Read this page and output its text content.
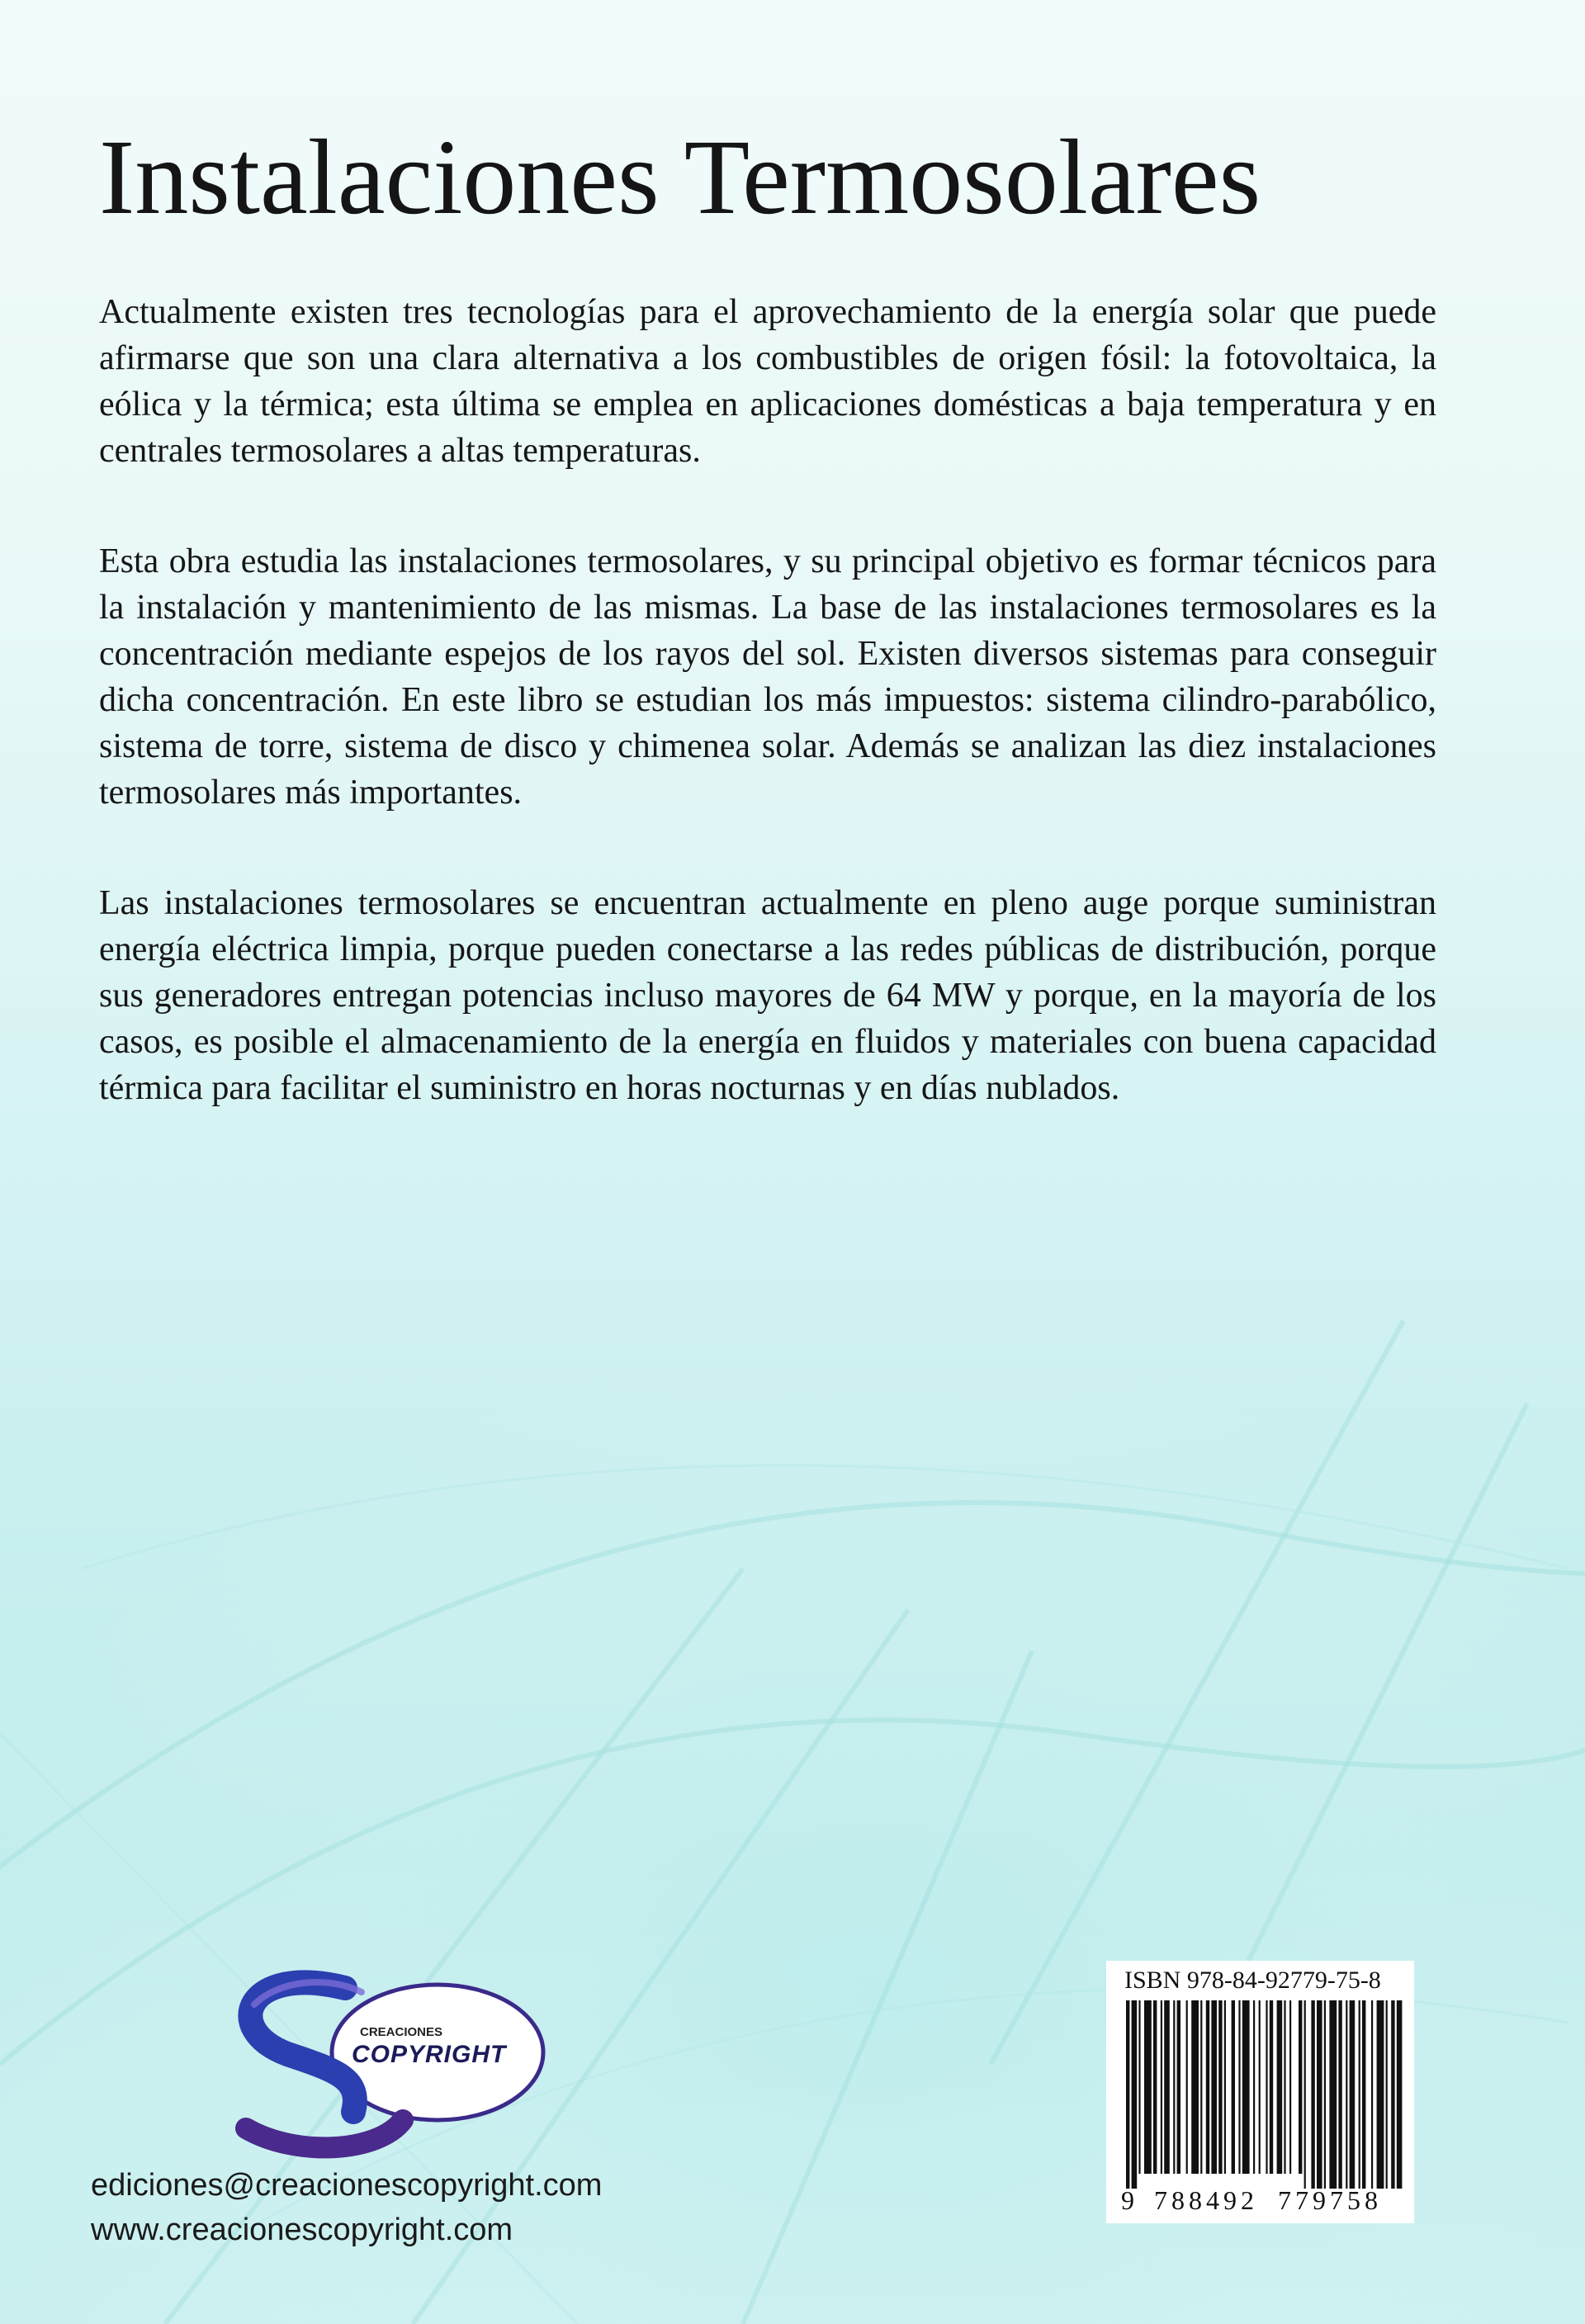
Instalaciones Termosolares

Actualmente existen tres tecnologías para el aprovechamiento de la energía solar que puede afirmarse que son una clara alternativa a los combustibles de origen fósil: la fotovoltaica, la eólica y la térmica; esta última se emplea en aplicaciones domésticas a baja temperatura y en centrales termosolares a altas temperaturas.

Esta obra estudia las instalaciones termosolares, y su principal objetivo es formar técnicos para la instalación y mantenimiento de las mismas. La base de las instalaciones termosolares es la concentración mediante espejos de los rayos del sol. Existen diversos sistemas para conseguir dicha concentración. En este libro se estudian los más impuestos: sistema cilindro-parabólico, sistema de torre, sistema de disco y chimenea solar. Además se analizan las diez instalaciones termosolares más importantes.

Las instalaciones termosolares se encuentran actualmente en pleno auge porque suministran energía eléctrica limpia, porque pueden conectarse a las redes públicas de distribución, porque sus generadores entregan potencias incluso mayores de 64 MW y porque, en la mayoría de los casos, es posible el almacenamiento de la energía en fluidos y materiales con buena capacidad térmica para facilitar el suministro en horas nocturnas y en días nublados.

CREACIONES
COPYRIGHT
ediciones@creacionescopyright.com
www.creacionescopyright.com
ISBN 978-84-92779-75-8
9 788492 779758
